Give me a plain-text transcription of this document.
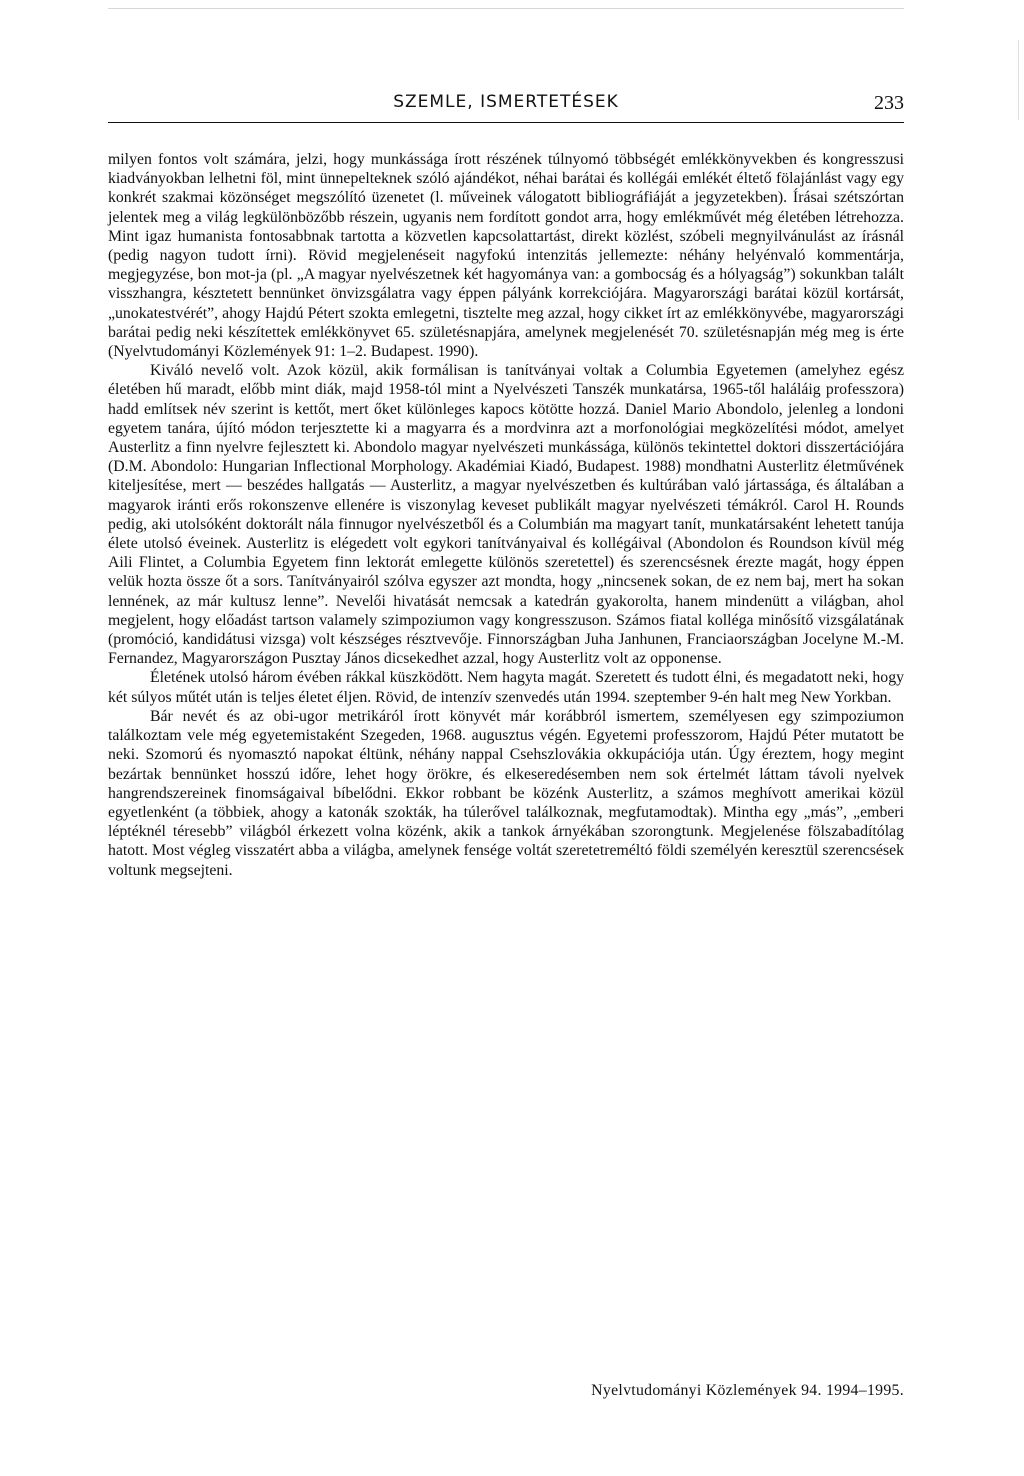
SZEMLE, ISMERTETÉSEK	233

milyen fontos volt számára, jelzi, hogy munkássága írott részének túlnyomó többségét emlékkönyvekben és kongresszusi kiadványokban lelhetni föl, mint ünnepelteknek szóló ajándékot, néhai barátai és kollégái emlékét éltető fölajánlást vagy egy konkrét szakmai közönséget megszólító üzenetet (l. műveinek válogatott bibliográfiáját a jegyzetekben). Írásai szétszórtan jelentek meg a világ legkülönbözőbb részein, ugyanis nem fordított gondot arra, hogy emlékművét még életében létrehozza. Mint igaz humanista fontosabbnak tartotta a közvetlen kapcsolattartást, direkt közlést, szóbeli megnyilvánulást az írásnál (pedig nagyon tudott írni). Rövid megjelenéseit nagyfokú intenzitás jellemezte: néhány helyénvaló kommentárja, megjegyzése, bon mot-ja (pl. „A magyar nyelvészetnek két hagyománya van: a gombocság és a hólyagság”) sokunkban talált visszhangra, késztetett bennünket önvizsgálatra vagy éppen pályánk korrekciójára. Magyarországi barátai közül kortársát, „unokatestvérét”, ahogy Hajdú Pétert szokta emlegetni, tisztelte meg azzal, hogy cikket írt az emlékkönyvébe, magyarországi barátai pedig neki készítettek emlékkönyvet 65. születésnapjára, amelynek megjelenését 70. születésnapján még meg is érte (Nyelvtudományi Közlemények 91: 1–2. Budapest. 1990).

Kiváló nevelő volt. Azok közül, akik formálisan is tanítványai voltak a Columbia Egyetemen (amelyhez egész életében hű maradt, előbb mint diák, majd 1958-tól mint a Nyelvészeti Tanszék munkatársa, 1965-től haláláig professzora) hadd említsek név szerint is kettőt, mert őket különleges kapocs kötötte hozzá. Daniel Mario Abondolo, jelenleg a londoni egyetem tanára, újító módon terjesztette ki a magyarra és a mordvinra azt a morfonológiai megközelítési módot, amelyet Austerlitz a finn nyelvre fejlesztett ki. Abondolo magyar nyelvészeti munkássága, különös tekintettel doktori disszertációjára (D.M. Abondolo: Hungarian Inflectional Morphology. Akadémiai Kiadó, Budapest. 1988) mondhatni Austerlitz életművének kiteljesítése, mert — beszédes hallgatás — Austerlitz, a magyar nyelvészetben és kultúrában való jártassága, és általában a magyarok iránti erős rokonszenve ellenére is viszonylag keveset publikált magyar nyelvészeti témákról. Carol H. Rounds pedig, aki utolsóként doktorált nála finnugor nyelvészetből és a Columbián ma magyart tanít, munkatársaként lehetett tanúja élete utolsó éveinek. Austerlitz is elégedett volt egykori tanítványaival és kollégáival (Abondolon és Roundson kívül még Aili Flintet, a Columbia Egyetem finn lektorát emlegette különös szeretettel) és szerencsésnek érezte magát, hogy éppen velük hozta össze őt a sors. Tanítványairól szólva egyszer azt mondta, hogy „nincsenek sokan, de ez nem baj, mert ha sokan lennének, az már kultusz lenne”. Nevelői hivatását nemcsak a katedrán gyakorolta, hanem mindenütt a világban, ahol megjelent, hogy előadást tartson valamely szimpoziumon vagy kongresszuson. Számos fiatal kolléga minősítő vizsgálatának (promóció, kandidátusi vizsga) volt készséges résztvevője. Finnországban Juha Janhunen, Franciaországban Jocelyne M.-M. Fernandez, Magyarországon Pusztay János dicsekedhet azzal, hogy Austerlitz volt az opponense.

Életének utolsó három évében rákkal küszködött. Nem hagyta magát. Szeretett és tudott élni, és megadatott neki, hogy két súlyos műtét után is teljes életet éljen. Rövid, de intenzív szenvedés után 1994. szeptember 9-én halt meg New Yorkban.

Bár nevét és az obi-ugor metrikáról írott könyvét már korábbról ismertem, személyesen egy szimpoziumon találkoztam vele még egyetemistaként Szegeden, 1968. augusztus végén. Egyetemi professzorom, Hajdú Péter mutatott be neki. Szomorú és nyomasztó napokat éltünk, néhány nappal Csehszlovákia okkupációja után. Úgy éreztem, hogy megint bezártak bennünket hosszú időre, lehet hogy örökre, és elkeseredésemben nem sok értelmét láttam távoli nyelvek hangrendszereinek finomságaival bíbelődni. Ekkor robbant be közénk Austerlitz, a számos meghívott amerikai közül egyetlenként (a többiek, ahogy a katonák szokták, ha túlerővel találkoznak, megfutamodtak). Mintha egy „más”, „emberi léptéknél téresebb” világból érkezett volna közénk, akik a tankok árnyékában szorongtunk. Megjelenése fölszabadítólag hatott. Most végleg visszatért abba a világba, amelynek fensége voltát szeretetreméltó földi személyén keresztül szerencsések voltunk megsejteni.

Nyelvtudományi Közlemények 94. 1994–1995.
